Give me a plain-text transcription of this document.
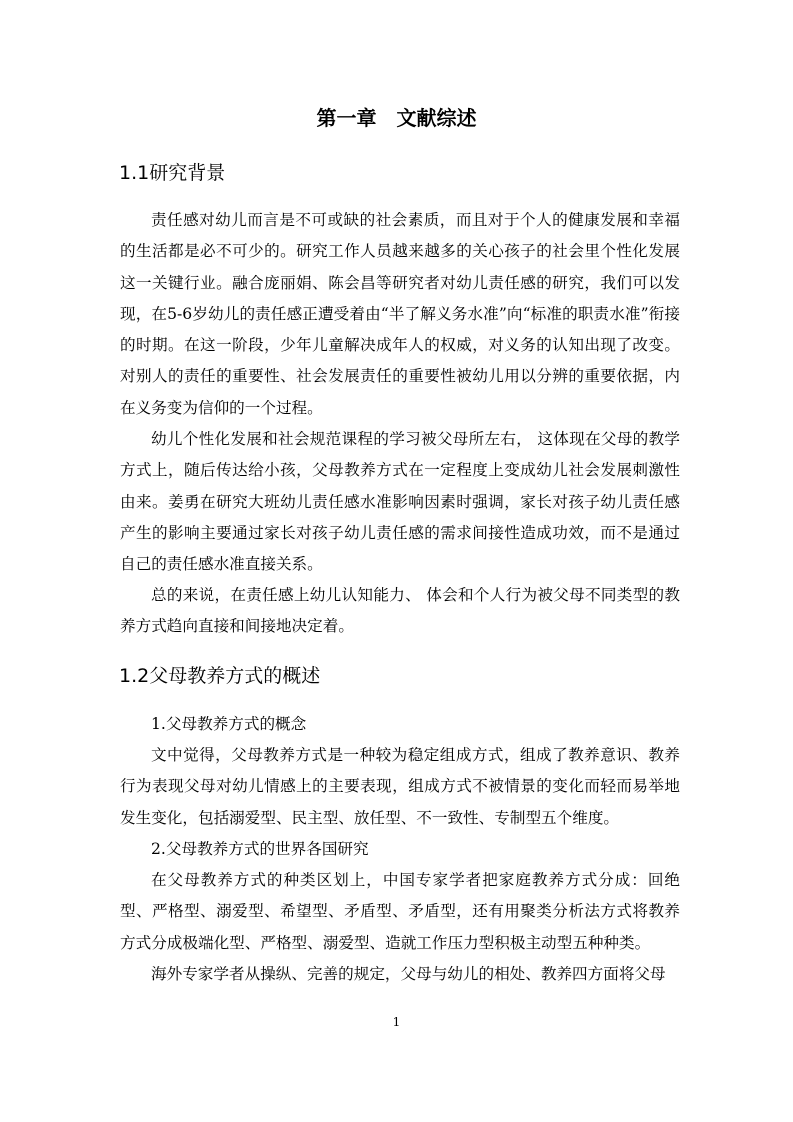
第一章　文献综述
1.1研究背景

责任感对幼儿而言是不可或缺的社会素质，而且对于个人的健康发展和幸福的生活都是必不可少的。研究工作人员越来越多的关心孩子的社会里个性化发展这一关键行业。融合庞丽娟、陈会昌等研究者对幼儿责任感的研究，我们可以发现，在5-6岁幼儿的责任感正遭受着由“半了解义务水准”向“标准的职责水准”衔接的时期。在这一阶段，少年儿童解决成年人的权威，对义务的认知出现了改变。对别人的责任的重要性、社会发展责任的重要性被幼儿用以分辨的重要依据，内在义务变为信仰的一个过程。

幼儿个性化发展和社会规范课程的学习被父母所左右， 这体现在父母的教学方式上，随后传达给小孩，父母教养方式在一定程度上变成幼儿社会发展刺激性由来。姜勇在研究大班幼儿责任感水准影响因素时强调，家长对孩子幼儿责任感产生的影响主要通过家长对孩子幼儿责任感的需求间接性造成功效，而不是通过自己的责任感水准直接关系。

总的来说，在责任感上幼儿认知能力、 体会和个人行为被父母不同类型的教养方式趋向直接和间接地决定着。

1.2父母教养方式的概述
1.父母教养方式的概念

文中觉得，父母教养方式是一种较为稳定组成方式，组成了教养意识、教养行为表现父母对幼儿情感上的主要表现，组成方式不被情景的变化而轻而易举地发生变化，包括溺爱型、民主型、放任型、不一致性、专制型五个维度。

2.父母教养方式的世界各国研究

在父母教养方式的种类区划上，中国专家学者把家庭教养方式分成：回绝型、严格型、溺爱型、希望型、矛盾型、矛盾型，还有用聚类分析法方式将教养方式分成极端化型、严格型、溺爱型、造就工作压力型积极主动型五种种类。

海外专家学者从操纵、完善的规定，父母与幼儿的相处、教养四方面将父母

1
